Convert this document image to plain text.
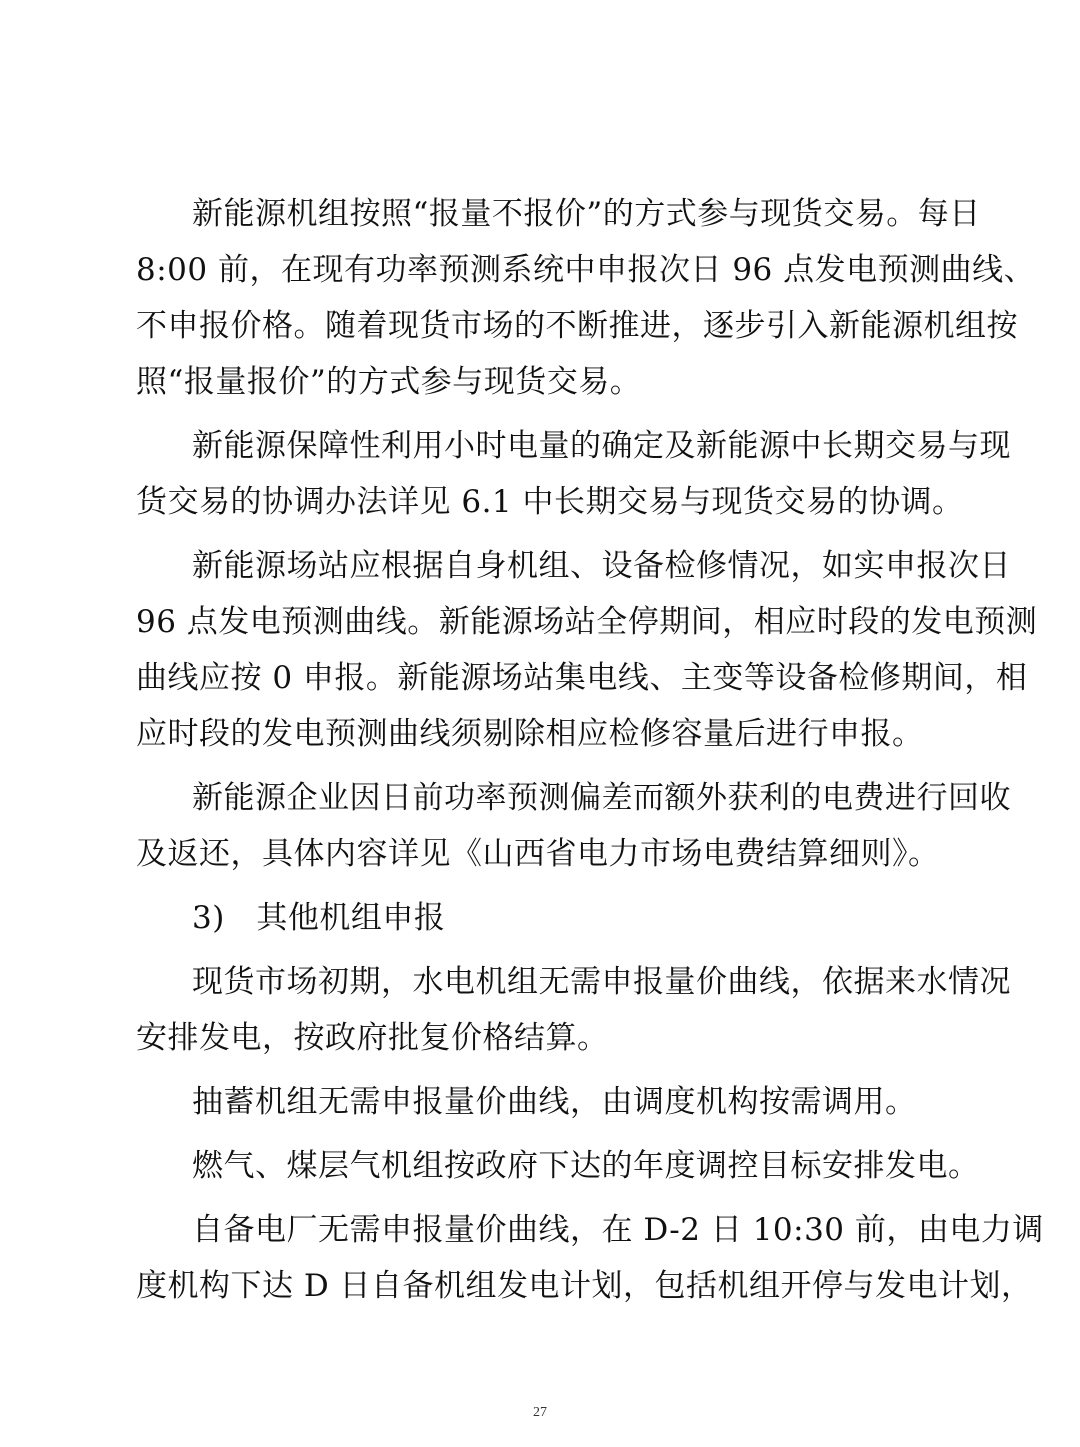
新能源机组按照“报量不报价”的方式参与现货交易。每日
8:00 前，在现有功率预测系统中申报次日 96 点发电预测曲线、
不申报价格。随着现货市场的不断推进，逐步引入新能源机组按
照“报量报价”的方式参与现货交易。
新能源保障性利用小时电量的确定及新能源中长期交易与现
货交易的协调办法详见 6.1 中长期交易与现货交易的协调。
新能源场站应根据自身机组、设备检修情况，如实申报次日
96 点发电预测曲线。新能源场站全停期间，相应时段的发电预测
曲线应按 0 申报。新能源场站集电线、主变等设备检修期间，相
应时段的发电预测曲线须剔除相应检修容量后进行申报。
新能源企业因日前功率预测偏差而额外获利的电费进行回收
及返还，具体内容详见《山西省电力市场电费结算细则》。
3)　其他机组申报
现货市场初期，水电机组无需申报量价曲线，依据来水情况
安排发电，按政府批复价格结算。
抽蓄机组无需申报量价曲线，由调度机构按需调用。
燃气、煤层气机组按政府下达的年度调控目标安排发电。
自备电厂无需申报量价曲线，在 D-2 日 10:30 前，由电力调
度机构下达 D 日自备机组发电计划，包括机组开停与发电计划，
27
